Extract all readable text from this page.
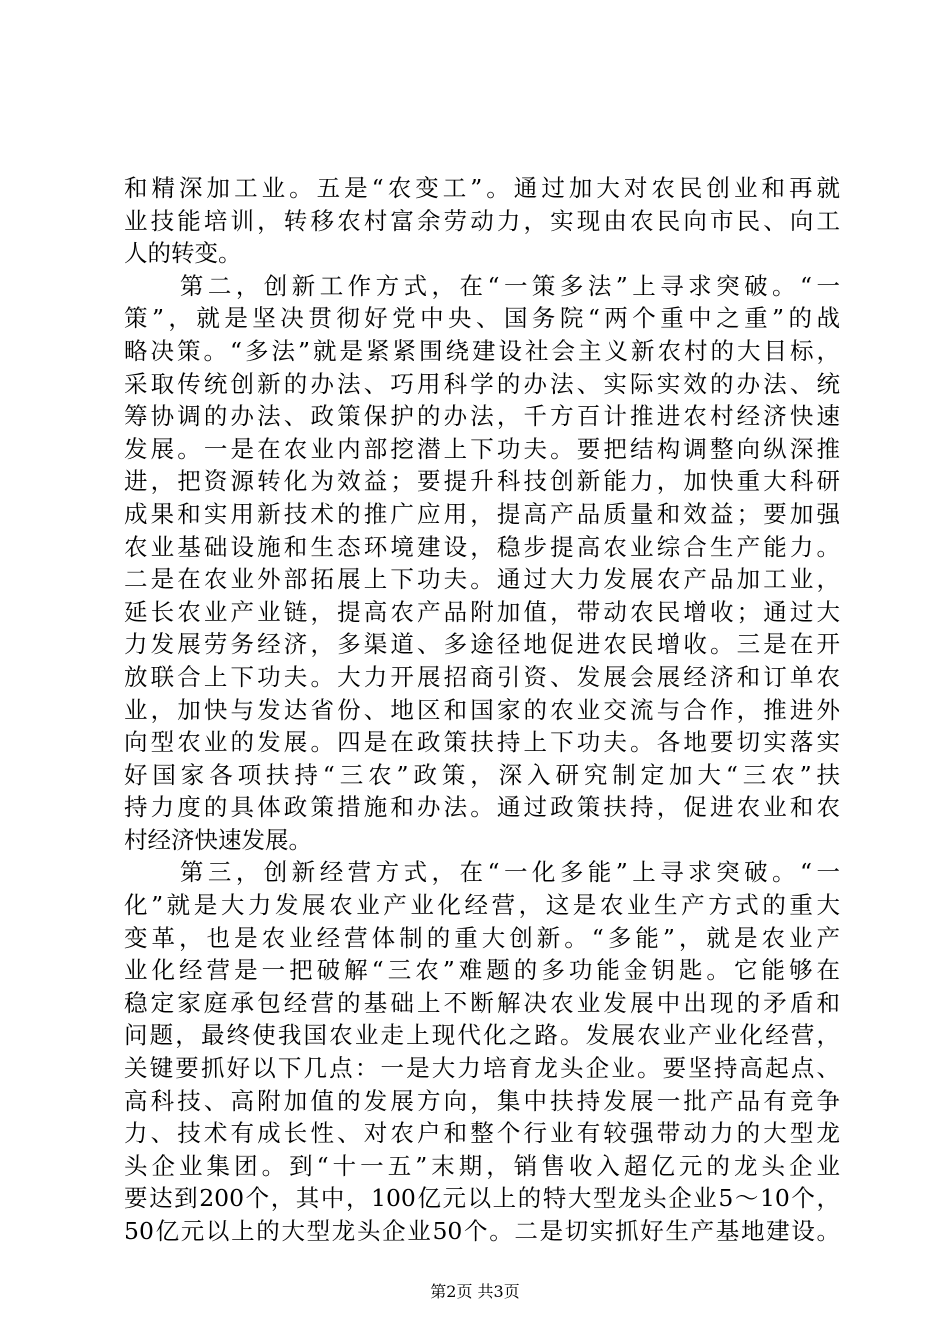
和精深加工业。五是“农变工”。通过加大对农民创业和再就
业技能培训，转移农村富余劳动力，实现由农民向市民、向工
人的转变。
　　第二，创新工作方式，在“一策多法”上寻求突破。“一
策”，就是坚决贯彻好党中央、国务院“两个重中之重”的战
略决策。“多法”就是紧紧围绕建设社会主义新农村的大目标，
采取传统创新的办法、巧用科学的办法、实际实效的办法、统
筹协调的办法、政策保护的办法，千方百计推进农村经济快速
发展。一是在农业内部挖潜上下功夫。要把结构调整向纵深推
进，把资源转化为效益；要提升科技创新能力，加快重大科研
成果和实用新技术的推广应用，提高产品质量和效益；要加强
农业基础设施和生态环境建设，稳步提高农业综合生产能力。
二是在农业外部拓展上下功夫。通过大力发展农产品加工业，
延长农业产业链，提高农产品附加值，带动农民增收；通过大
力发展劳务经济，多渠道、多途径地促进农民增收。三是在开
放联合上下功夫。大力开展招商引资、发展会展经济和订单农
业，加快与发达省份、地区和国家的农业交流与合作，推进外
向型农业的发展。四是在政策扶持上下功夫。各地要切实落实
好国家各项扶持“三农”政策，深入研究制定加大“三农”扶
持力度的具体政策措施和办法。通过政策扶持，促进农业和农
村经济快速发展。
　　第三，创新经营方式，在“一化多能”上寻求突破。“一
化”就是大力发展农业产业化经营，这是农业生产方式的重大
变革，也是农业经营体制的重大创新。“多能”，就是农业产
业化经营是一把破解“三农”难题的多功能金钥匙。它能够在
稳定家庭承包经营的基础上不断解决农业发展中出现的矛盾和
问题，最终使我国农业走上现代化之路。发展农业产业化经营，
关键要抓好以下几点：一是大力培育龙头企业。要坚持高起点、
高科技、高附加值的发展方向，集中扶持发展一批产品有竞争
力、技术有成长性、对农户和整个行业有较强带动力的大型龙
头企业集团。到“十一五”末期，销售收入超亿元的龙头企业
要达到200个，其中，100亿元以上的特大型龙头企业5～10个，
50亿元以上的大型龙头企业50个。二是切实抓好生产基地建设。
第2页 共3页
